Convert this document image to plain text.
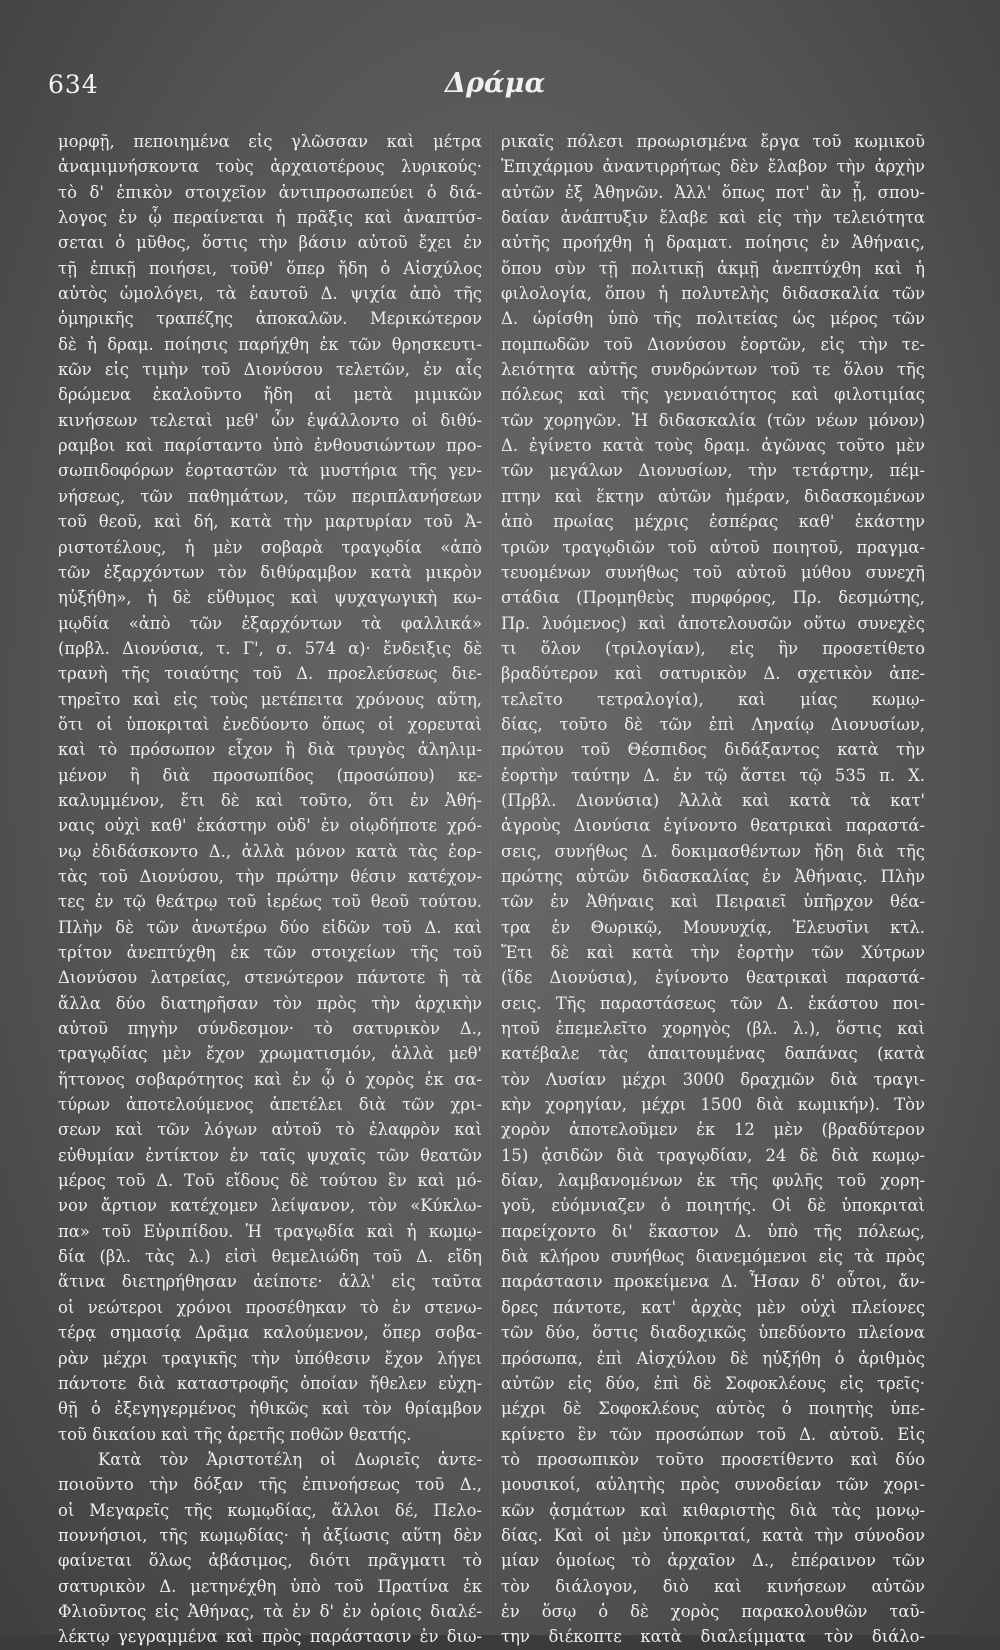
634	Δράμα
μορφῇ, πεποιημένα εἰς γλῶσσαν καὶ μέτρα
ἀναμιμνήσκοντα τοὺς ἀρχαιοτέρους λυρικούς·
τὸ δ' ἐπικὸν στοιχεῖον ἀντιπροσωπεύει ὁ διά-
λογος ἐν ᾧ περαίνεται ἡ πρᾶξις καὶ ἀναπτύσ-
σεται ὁ μῦθος, ὅστις τὴν βάσιν αὐτοῦ ἔχει ἐν
τῇ ἐπικῇ ποιήσει, τοῦθ' ὅπερ ἤδη ὁ Αἰσχύλος
αὐτὸς ὡμολόγει, τὰ ἑαυτοῦ Δ. ψιχία ἀπὸ τῆς
ὁμηρικῆς τραπέζης ἀποκαλῶν. Μερικώτερον
δὲ ἡ δραμ. ποίησις παρήχθη ἐκ τῶν θρησκευτι-
κῶν εἰς τιμὴν τοῦ Διονύσου τελετῶν, ἐν αἷς
δρώμενα ἐκαλοῦντο ἤδη αἱ μετὰ μιμικῶν
κινήσεων τελεταὶ μεθ' ὧν ἐψάλλοντο οἱ διθύ-
ραμβοι καὶ παρίσταντο ὑπὸ ἐνθουσιώντων προ-
σωπιδοφόρων ἑορταστῶν τὰ μυστήρια τῆς γεν-
νήσεως, τῶν παθημάτων, τῶν περιπλανήσεων
τοῦ θεοῦ, καὶ δή, κατὰ τὴν μαρτυρίαν τοῦ Ἀ-
ριστοτέλους, ἡ μὲν σοβαρὰ τραγῳδία «ἀπὸ
τῶν ἐξαρχόντων τὸν διθύραμβον κατὰ μικρὸν
ηὐξήθη», ἡ δὲ εὔθυμος καὶ ψυχαγωγικὴ κω-
μῳδία «ἀπὸ τῶν ἐξαρχόντων τὰ φαλλικά»
(πρβλ. Διονύσια, τ. Γ', σ. 574 α)· ἔνδειξις δὲ
τρανὴ τῆς τοιαύτης τοῦ Δ. προελεύσεως διε-
τηρεῖτο καὶ εἰς τοὺς μετέπειτα χρόνους αὕτη,
ὅτι οἱ ὑποκριταὶ ἐνεδύοντο ὅπως οἱ χορευταὶ
καὶ τὸ πρόσωπον εἶχον ἢ διὰ τρυγὸς ἀληλιμ-
μένον ἢ διὰ προσωπίδος (προσώπου) κε-
καλυμμένον, ἔτι δὲ καὶ τοῦτο, ὅτι ἐν Ἀθή-
ναις οὐχὶ καθ' ἑκάστην οὐδ' ἐν οἱῳδήποτε χρό-
νῳ ἐδιδάσκοντο Δ., ἀλλὰ μόνον κατὰ τὰς ἑορ-
τὰς τοῦ Διονύσου, τὴν πρώτην θέσιν κατέχον-
τες ἐν τῷ θεάτρῳ τοῦ ἱερέως τοῦ θεοῦ τούτου.
Πλὴν δὲ τῶν ἀνωτέρω δύο εἰδῶν τοῦ Δ. καὶ
τρίτον ἀνεπτύχθη ἐκ τῶν στοιχείων τῆς τοῦ
Διονύσου λατρείας, στενώτερον πάντοτε ἢ τὰ
ἄλλα δύο διατηρῆσαν τὸν πρὸς τὴν ἀρχικὴν
αὐτοῦ πηγὴν σύνδεσμον· τὸ σατυρικὸν Δ.,
τραγῳδίας μὲν ἔχον χρωματισμόν, ἀλλὰ μεθ'
ἥττονος σοβαρότητος καὶ ἐν ᾧ ὁ χορὸς ἐκ σα-
τύρων ἀποτελούμενος ἀπετέλει διὰ τῶν χρι-
σεων καὶ τῶν λόγων αὐτοῦ τὸ ἐλαφρὸν καὶ
εὐθυμίαν ἐντίκτον ἐν ταῖς ψυχαῖς τῶν θεατῶν
μέρος τοῦ Δ. Τοῦ εἴδους δὲ τούτου ἓν καὶ μό-
νον ἄρτιον κατέχομεν λείψανον, τὸν «Κύκλω-
πα» τοῦ Εὐριπίδου. Ἡ τραγῳδία καὶ ἡ κωμῳ-
δία (βλ. τὰς λ.) εἰσὶ θεμελιώδη τοῦ Δ. εἴδη
ἅτινα διετηρήθησαν ἀείποτε· ἀλλ' εἰς ταῦτα
οἱ νεώτεροι χρόνοι προσέθηκαν τὸ ἐν στενω-
τέρᾳ σημασίᾳ Δρᾶμα καλούμενον, ὅπερ σοβα-
ρὰν μέχρι τραγικῆς τὴν ὑπόθεσιν ἔχον λήγει
πάντοτε διὰ καταστροφῆς ὁποίαν ἤθελεν εὐχη-
θῇ ὁ ἐξεγηγερμένος ἠθικῶς καὶ τὸν θρίαμβον
τοῦ δικαίου καὶ τῆς ἀρετῆς ποθῶν θεατής.
Κατὰ τὸν Ἀριστοτέλη οἱ Δωριεῖς ἀντε-
ποιοῦντο τὴν δόξαν τῆς ἐπινοήσεως τοῦ Δ.,
οἱ Μεγαρεῖς τῆς κωμῳδίας, ἄλλοι δέ, Πελο-
ποννήσιοι, τῆς κωμῳδίας· ἡ ἀξίωσις αὕτη δὲν
φαίνεται ὅλως ἀβάσιμος, διότι πρᾶγματι τὸ
σατυρικὸν Δ. μετηνέχθη ὑπὸ τοῦ Πρατίνα ἐκ
Φλιοῦντος εἰς Ἀθήνας, τὰ ἐν δ' ἐν ὁρίοις διαλέ-
λέκτῳ γεγραμμένα καὶ πρὸς παράστασιν ἐν διω-
ρικαῖς πόλεσι προωρισμένα ἔργα τοῦ κωμικοῦ
Ἐπιχάρμου ἀναντιρρήτως δὲν ἔλαβον τὴν ἀρχὴν
αὐτῶν ἐξ Ἀθηνῶν. Ἀλλ' ὅπως ποτ' ἂν ᾖ, σπου-
δαίαν ἀνάπτυξιν ἔλαβε καὶ εἰς τὴν τελειότητα
αὐτῆς προήχθη ἡ δραματ. ποίησις ἐν Ἀθήναις,
ὅπου σὺν τῇ πολιτικῇ ἀκμῇ ἀνεπτύχθη καὶ ἡ
φιλολογία, ὅπου ἡ πολυτελὴς διδασκαλία τῶν
Δ. ὡρίσθη ὑπὸ τῆς πολιτείας ὡς μέρος τῶν
πομπωδῶν τοῦ Διονύσου ἑορτῶν, εἰς τὴν τε-
λειότητα αὐτῆς συνδρώντων τοῦ τε ὅλου τῆς
πόλεως καὶ τῆς γενναιότητος καὶ φιλοτιμίας
τῶν χορηγῶν. Ἡ διδασκαλία (τῶν νέων μόνον)
Δ. ἐγίνετο κατὰ τοὺς δραμ. ἀγῶνας τοῦτο μὲν
τῶν μεγάλων Διονυσίων, τὴν τετάρτην, πέμ-
πτην καὶ ἕκτην αὐτῶν ἡμέραν, διδασκομένων
ἀπὸ πρωίας μέχρις ἑσπέρας καθ' ἑκάστην
τριῶν τραγῳδιῶν τοῦ αὐτοῦ ποιητοῦ, πραγμα-
τευομένων συνήθως τοῦ αὐτοῦ μύθου συνεχῆ
στάδια (Προμηθεὺς πυρφόρος, Πρ. δεσμώτης,
Πρ. λυόμενος) καὶ ἀποτελουσῶν οὕτω συνεχὲς
τι ὅλον (τριλογίαν), εἰς ἣν προσετίθετο
βραδύτερον καὶ σατυρικὸν Δ. σχετικὸν ἀπε-
τελεῖτο τετραλογία), καὶ μίας κωμῳ-
δίας, τοῦτο δὲ τῶν ἐπὶ Ληναίῳ Διονυσίων,
πρώτου τοῦ Θέσπιδος διδάξαντος κατὰ τὴν
ἑορτὴν ταύτην Δ. ἐν τῷ ἄστει τῷ 535 π. Χ.
(Πρβλ. Διονύσια) Ἀλλὰ καὶ κατὰ τὰ κατ'
ἀγροὺς Διονύσια ἐγίνοντο θεατρικαὶ παραστά-
σεις, συνήθως Δ. δοκιμασθέντων ἤδη διὰ τῆς
πρώτης αὐτῶν διδασκαλίας ἐν Ἀθήναις. Πλὴν
τῶν ἐν Ἀθήναις καὶ Πειραιεῖ ὑπῆρχον θέα-
τρα ἐν Θωρικῷ, Μουνυχίᾳ, Ἐλευσῖνι κτλ.
Ἔτι δὲ καὶ κατὰ τὴν ἑορτὴν τῶν Χύτρων
(ἴδε Διονύσια), ἐγίνοντο θεατρικαὶ παραστά-
σεις. Τῆς παραστάσεως τῶν Δ. ἑκάστου ποι-
ητοῦ ἐπεμελεῖτο χορηγὸς (βλ. λ.), ὅστις καὶ
κατέβαλε τὰς ἀπαιτουμένας δαπάνας (κατὰ
τὸν Λυσίαν μέχρι 3000 δραχμῶν διὰ τραγι-
κὴν χορηγίαν, μέχρι 1500 διὰ κωμικήν). Τὸν
χορὸν ἀποτελοῦμεν ἐκ 12 μὲν (βραδύτερον
15) ᾀσιδῶν διὰ τραγῳδίαν, 24 δὲ διὰ κωμῳ-
δίαν, λαμβανομένων ἐκ τῆς φυλῆς τοῦ χορη-
γοῦ, εὐόμνιαζεν ὁ ποιητής. Οἱ δὲ ὑποκριταὶ
παρείχοντο δι' ἕκαστον Δ. ὑπὸ τῆς πόλεως,
διὰ κλήρου συνήθως διανεμόμενοι εἰς τὰ πρὸς
παράστασιν προκείμενα Δ. Ἦσαν δ' οὗτοι, ἄν-
δρες πάντοτε, κατ' ἀρχὰς μὲν οὐχὶ πλείονες
τῶν δύο, ὅστις διαδοχικῶς ὑπεδύοντο πλείονα
πρόσωπα, ἐπὶ Αἰσχύλου δὲ ηὐξήθη ὁ ἀριθμὸς
αὐτῶν εἰς δύο, ἐπὶ δὲ Σοφοκλέους εἰς τρεῖς·
μέχρι δὲ Σοφοκλέους αὐτὸς ὁ ποιητὴς ὑπε-
κρίνετο ἓν τῶν προσώπων τοῦ Δ. αὐτοῦ. Εἰς
τὸ προσωπικὸν τοῦτο προσετίθεντο καὶ δύο
μουσικοί, αὐλητὴς πρὸς συνοδείαν τῶν χορι-
κῶν ᾀσμάτων καὶ κιθαριστὴς διὰ τὰς μονῳ-
δίας. Καὶ οἱ μὲν ὑποκριταί, κατὰ τὴν σύνοδον
μίαν ὁμοίως τὸ ἀρχαῖον Δ., ἐπέραινον τῶν
τὸν διάλογον, διὸ καὶ κινήσεων αὐτῶν
ἐν ὅσῳ ὁ δὲ χορὸς παρακολουθῶν ταῦ-
την διέκοπτε κατὰ διαλείμματα τὸν διάλο-
